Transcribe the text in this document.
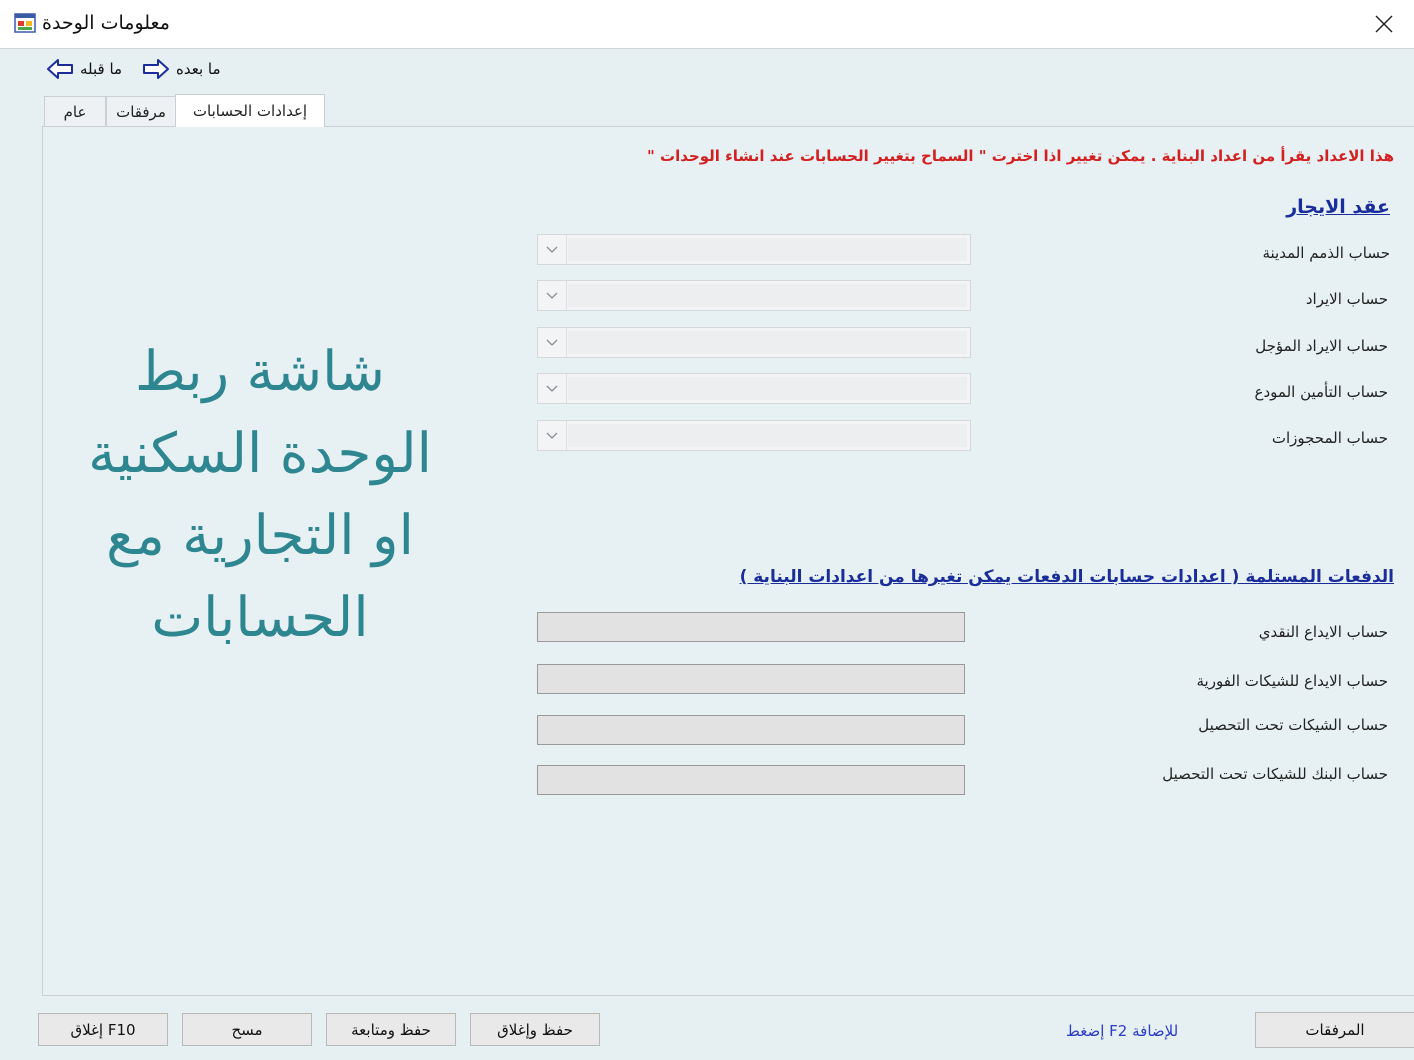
معلومات الوحدة
ما قبله	ما بعده
عام	مرفقات	إعدادات الحسابات
هذا الاعداد يقرأ من اعداد البناية . يمكن تغيير اذا اخترت " السماح بتغيير الحسابات عند انشاء الوحدات "
عقد الايجار
حساب الذمم المدينة
حساب الايراد
حساب الايراد المؤجل
حساب التأمين المودع
حساب المحجوزات
الدفعات المستلمة ( اعدادات حسابات الدفعات يمكن تغيرها من اعدادات البناية )
حساب الايداع النقدي
حساب الايداع للشيكات الفورية
حساب الشيكات تحت التحصيل
حساب البنك للشيكات تحت التحصيل
شاشة ربط
الوحدة السكنية
او التجارية مع
الحسابات
إغلاق F10	مسح	حفظ ومتابعة	حفظ وإغلاق	إضغط F2 للإضافة	المرفقات
